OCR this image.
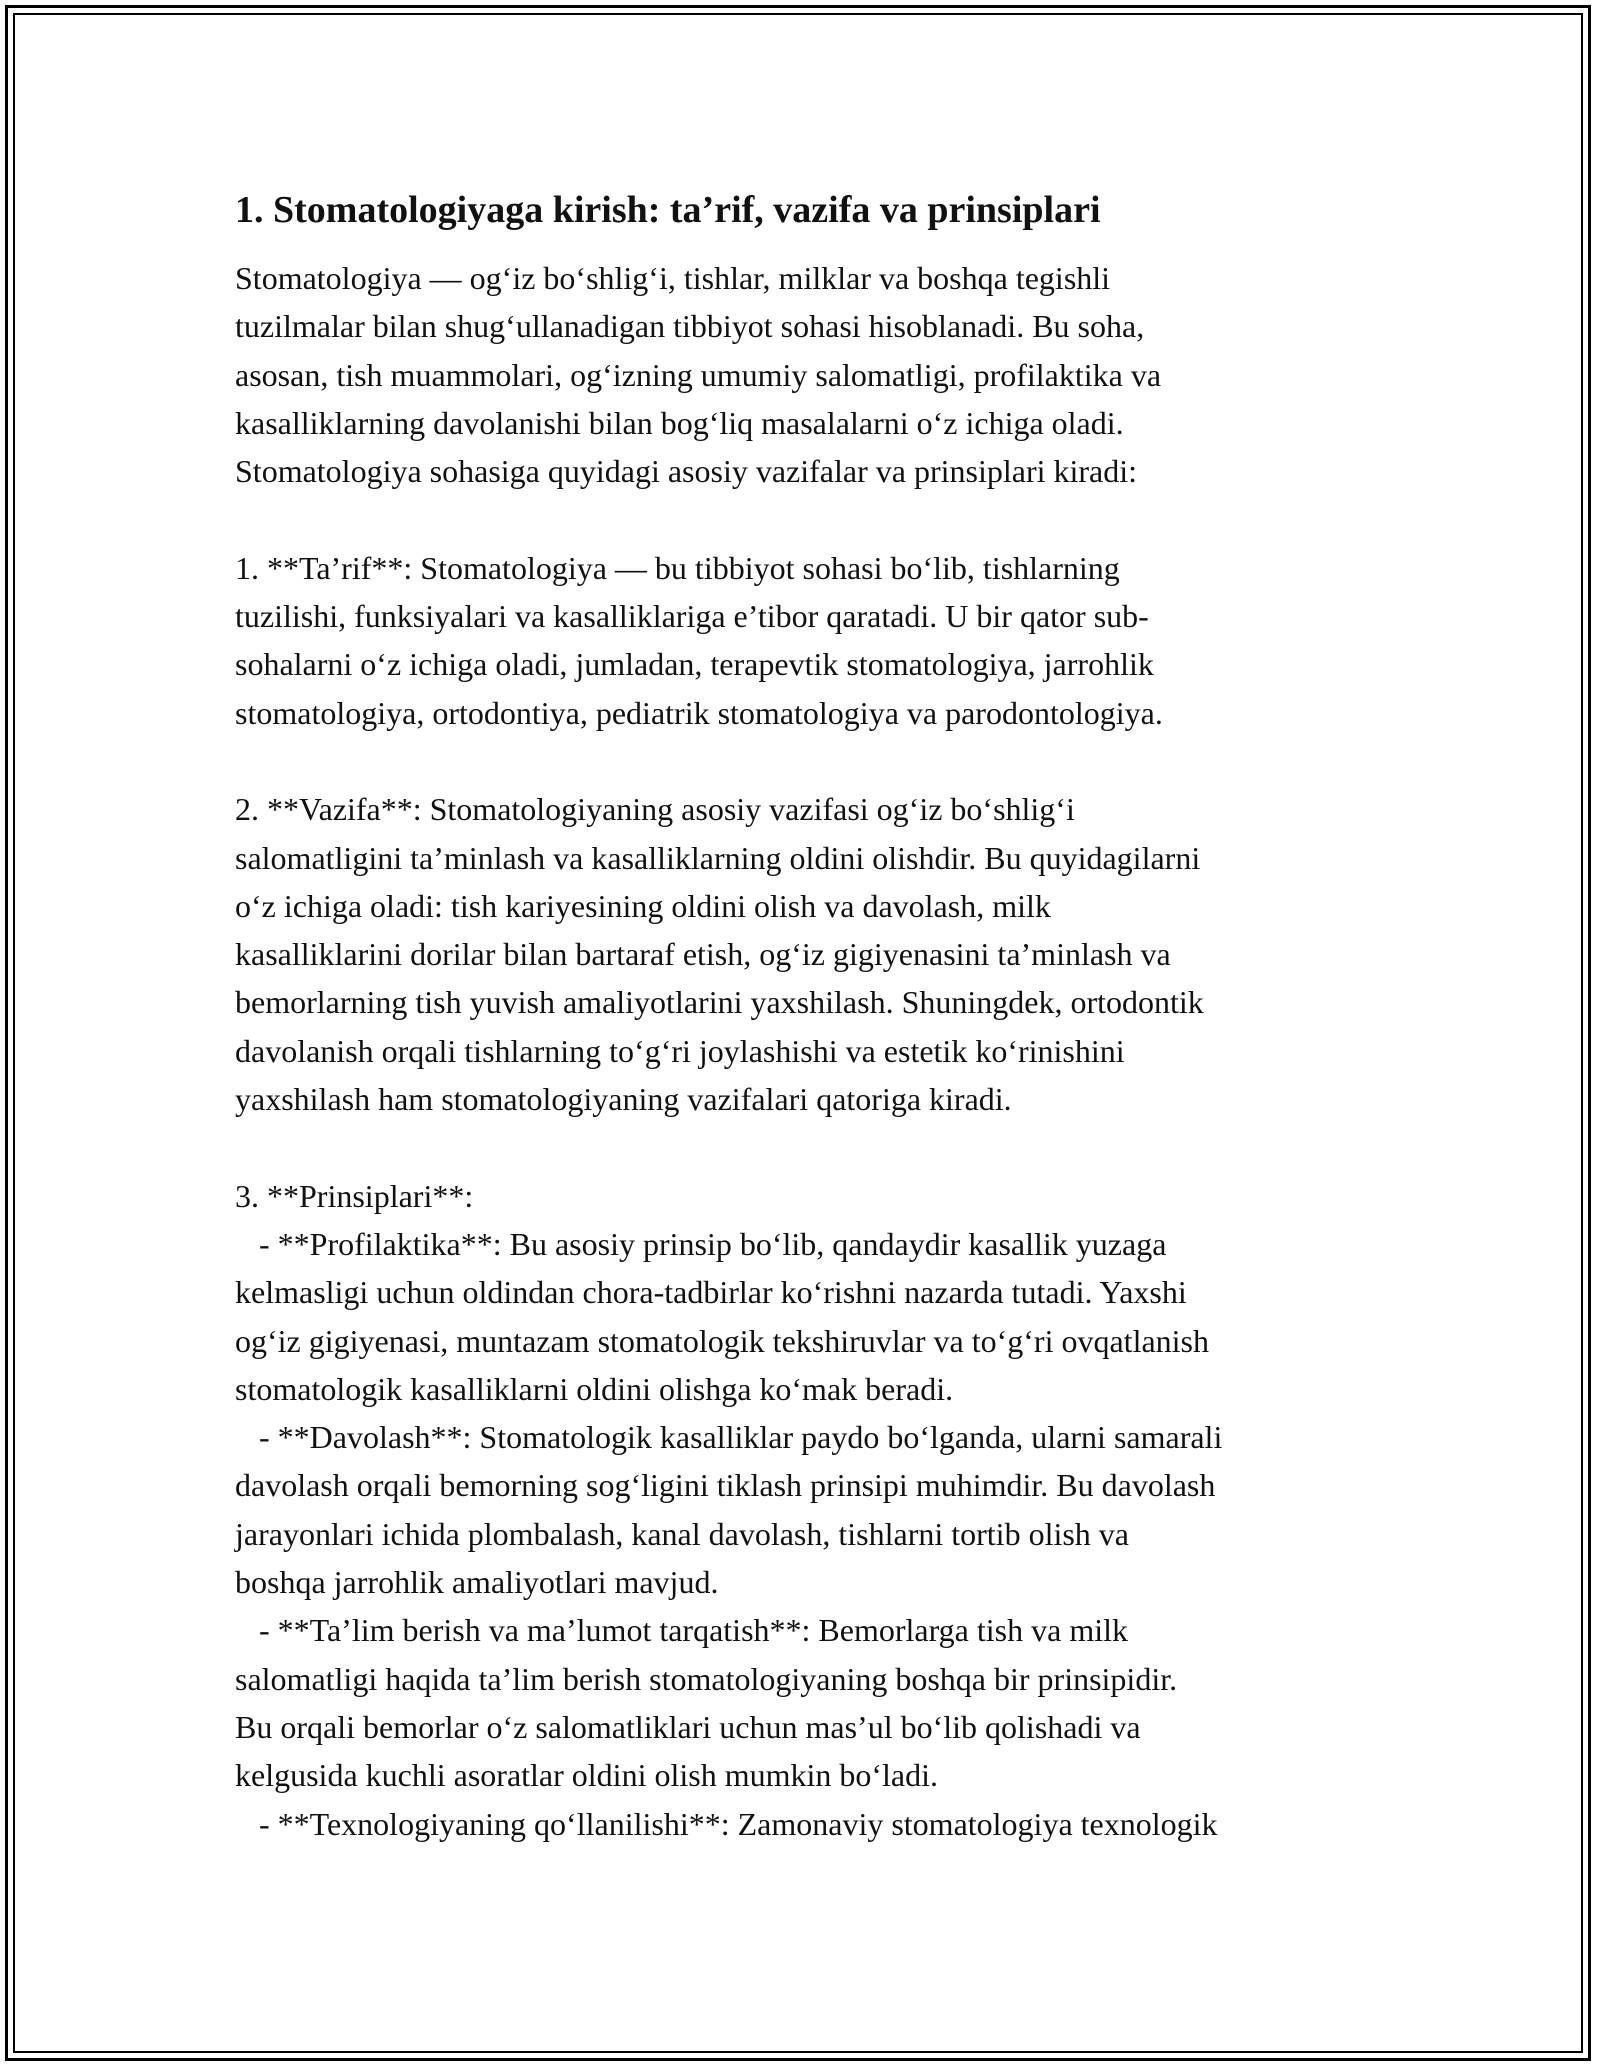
1. Stomatologiyaga kirish: ta’rif, vazifa va prinsiplari
Stomatologiya — og‘iz bo‘shlig‘i, tishlar, milklar va boshqa tegishli
tuzilmalar bilan shug‘ullanadigan tibbiyot sohasi hisoblanadi. Bu soha,
asosan, tish muammolari, og‘izning umumiy salomatligi, profilaktika va
kasalliklarning davolanishi bilan bog‘liq masalalarni o‘z ichiga oladi.
Stomatologiya sohasiga quyidagi asosiy vazifalar va prinsiplari kiradi:
1. **Ta’rif**: Stomatologiya — bu tibbiyot sohasi bo‘lib, tishlarning
tuzilishi, funksiyalari va kasalliklariga e’tibor qaratadi. U bir qator sub-
sohalarni o‘z ichiga oladi, jumladan, terapevtik stomatologiya, jarrohlik
stomatologiya, ortodontiya, pediatrik stomatologiya va parodontologiya.
2. **Vazifa**: Stomatologiyaning asosiy vazifasi og‘iz bo‘shlig‘i
salomatligini ta’minlash va kasalliklarning oldini olishdir. Bu quyidagilarni
o‘z ichiga oladi: tish kariyesining oldini olish va davolash, milk
kasalliklarini dorilar bilan bartaraf etish, og‘iz gigiyenasini ta’minlash va
bemorlarning tish yuvish amaliyotlarini yaxshilash. Shuningdek, ortodontik
davolanish orqali tishlarning to‘g‘ri joylashishi va estetik ko‘rinishini
yaxshilash ham stomatologiyaning vazifalari qatoriga kiradi.
3. **Prinsiplari**:
- **Profilaktika**: Bu asosiy prinsip bo‘lib, qandaydir kasallik yuzaga
kelmasligi uchun oldindan chora-tadbirlar ko‘rishni nazarda tutadi. Yaxshi
og‘iz gigiyenasi, muntazam stomatologik tekshiruvlar va to‘g‘ri ovqatlanish
stomatologik kasalliklarni oldini olishga ko‘mak beradi.
- **Davolash**: Stomatologik kasalliklar paydo bo‘lganda, ularni samarali
davolash orqali bemorning sog‘ligini tiklash prinsipi muhimdir. Bu davolash
jarayonlari ichida plombalash, kanal davolash, tishlarni tortib olish va
boshqa jarrohlik amaliyotlari mavjud.
- **Ta’lim berish va ma’lumot tarqatish**: Bemorlarga tish va milk
salomatligi haqida ta’lim berish stomatologiyaning boshqa bir prinsipidir.
Bu orqali bemorlar o‘z salomatliklari uchun mas’ul bo‘lib qolishadi va
kelgusida kuchli asoratlar oldini olish mumkin bo‘ladi.
- **Texnologiyaning qo‘llanilishi**: Zamonaviy stomatologiya texnologik
